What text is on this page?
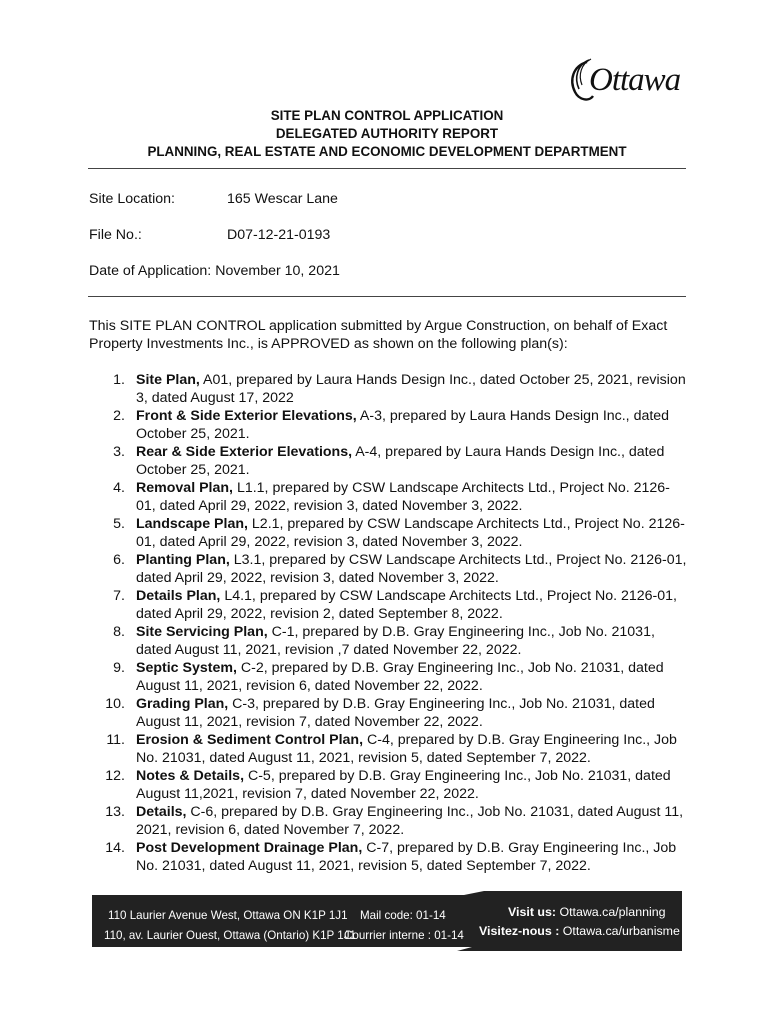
Ottawa
SITE PLAN CONTROL APPLICATION
DELEGATED AUTHORITY REPORT
PLANNING, REAL ESTATE AND ECONOMIC DEVELOPMENT DEPARTMENT
Site Location:	165 Wescar Lane
File No.:	D07-12-21-0193
Date of Application: November 10, 2021
This SITE PLAN CONTROL application submitted by Argue Construction, on behalf of Exact Property Investments Inc., is APPROVED as shown on the following plan(s):
1. Site Plan, A01, prepared by Laura Hands Design Inc., dated October 25, 2021, revision 3, dated August 17, 2022
2. Front & Side Exterior Elevations, A-3, prepared by Laura Hands Design Inc., dated October 25, 2021.
3. Rear & Side Exterior Elevations, A-4, prepared by Laura Hands Design Inc., dated October 25, 2021.
4. Removal Plan, L1.1, prepared by CSW Landscape Architects Ltd., Project No. 2126-01, dated April 29, 2022, revision 3, dated November 3, 2022.
5. Landscape Plan, L2.1, prepared by CSW Landscape Architects Ltd., Project No. 2126-01, dated April 29, 2022, revision 3, dated November 3, 2022.
6. Planting Plan, L3.1, prepared by CSW Landscape Architects Ltd., Project No. 2126-01, dated April 29, 2022, revision 3, dated November 3, 2022.
7. Details Plan, L4.1, prepared by CSW Landscape Architects Ltd., Project No. 2126-01, dated April 29, 2022, revision 2, dated September 8, 2022.
8. Site Servicing Plan, C-1, prepared by D.B. Gray Engineering Inc., Job No. 21031, dated August 11, 2021, revision ,7 dated November 22, 2022.
9. Septic System, C-2, prepared by D.B. Gray Engineering Inc., Job No. 21031, dated August 11, 2021, revision 6, dated November 22, 2022.
10. Grading Plan, C-3, prepared by D.B. Gray Engineering Inc., Job No. 21031, dated August 11, 2021, revision 7, dated November 22, 2022.
11. Erosion & Sediment Control Plan, C-4, prepared by D.B. Gray Engineering Inc., Job No. 21031, dated August 11, 2021, revision 5, dated September 7, 2022.
12. Notes & Details, C-5, prepared by D.B. Gray Engineering Inc., Job No. 21031, dated August 11,2021, revision 7, dated November 22, 2022.
13. Details, C-6, prepared by D.B. Gray Engineering Inc., Job No. 21031, dated August 11, 2021, revision 6, dated November 7, 2022.
14. Post Development Drainage Plan, C-7, prepared by D.B. Gray Engineering Inc., Job No. 21031, dated August 11, 2021, revision 5, dated September 7, 2022.
110 Laurier Avenue West, Ottawa ON K1P 1J1 Mail code: 01-14
110, av. Laurier Ouest, Ottawa (Ontario) K1P 1J1
Courrier interne : 01-14
Visit us: Ottawa.ca/planning
Visitez-nous : Ottawa.ca/urbanisme
